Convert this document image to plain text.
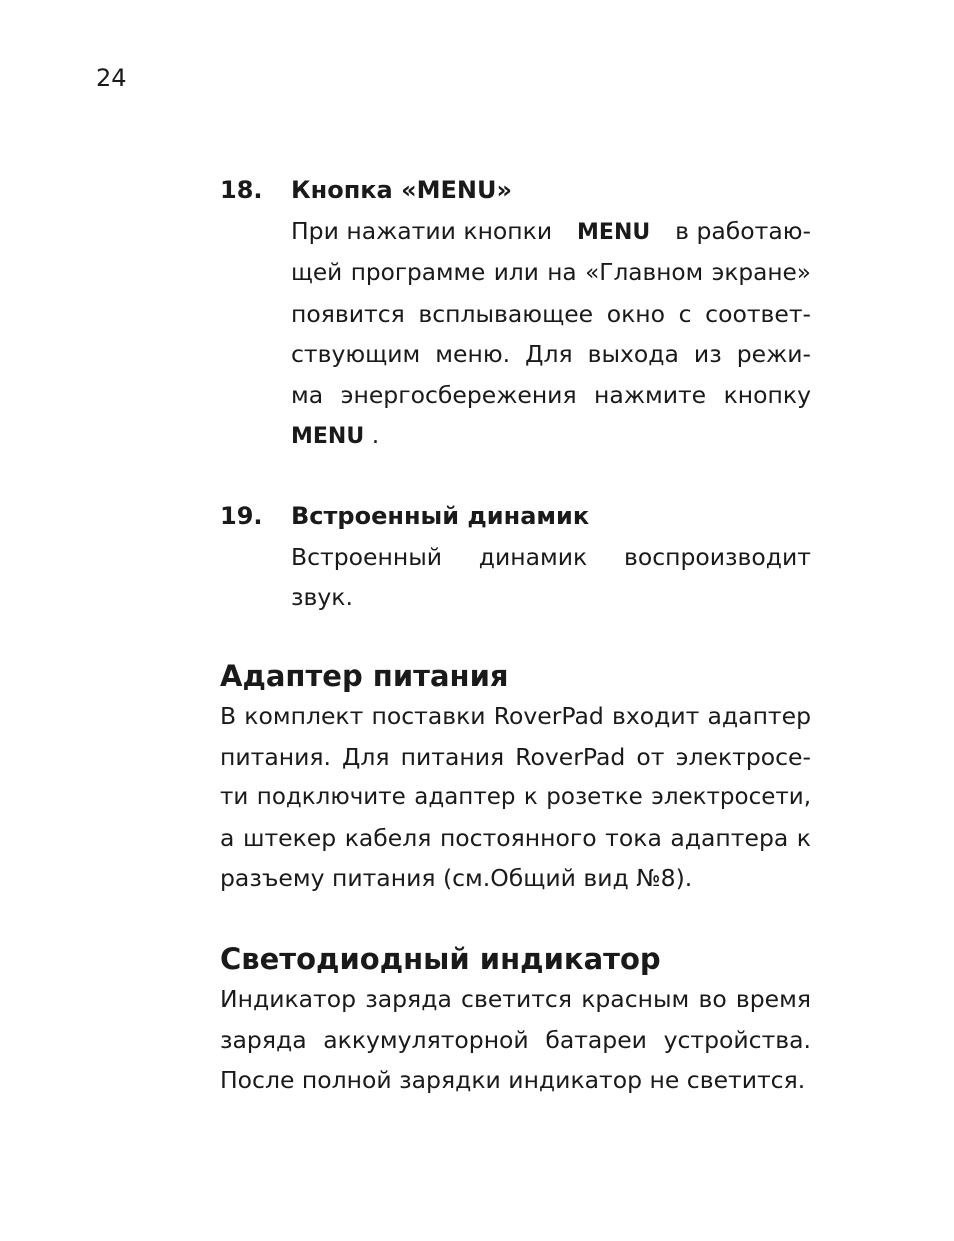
24
18. Кнопка «MENU»
При нажатии кнопки MENU в работаю-
щей программе или на «Главном экране»
появится всплывающее окно с соответ-
ствующим меню. Для выхода из режи-
ма энергосбережения нажмите кнопку
MENU .
19. Встроенный динамик
Встроенный динамик воспроизводит
звук.
Адаптер питания
В комплект поставки RoverPad входит адаптер
питания. Для питания RoverPad от электросе-
ти подключите адаптер к розетке электросети,
а штекер кабеля постоянного тока адаптера к
разъему питания (см.Общий вид №8).
Светодиодный индикатор
Индикатор заряда светится красным во время
заряда аккумуляторной батареи устройства.
После полной зарядки индикатор не светится.
